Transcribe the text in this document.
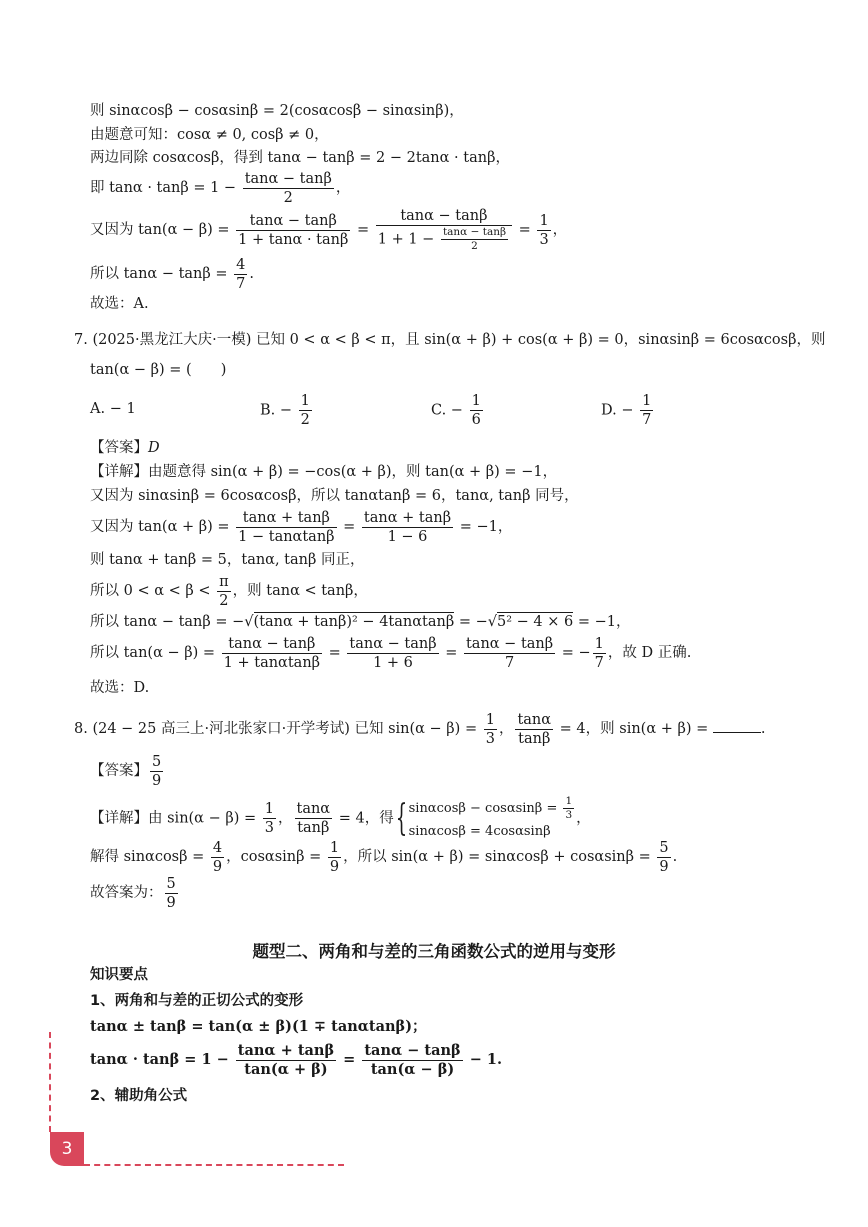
则 sinαcosβ − cosαsinβ = 2(cosαcosβ − sinαsinβ)，
由题意可知：cosα ≠ 0, cosβ ≠ 0，
两边同除 cosαcosβ，得到 tanα − tanβ = 2 − 2tanα · tanβ，
即 $\tan\alpha \cdot \tan\beta = 1 - \frac{\tan\alpha - \tan\beta}{2}$ ，
又因为 $\tan(\alpha - \beta) = \frac{\tan\alpha - \tan\beta}{1 + \tan\alpha \cdot \tan\beta} = \frac{\tan\alpha - \tan\beta}{1 + 1 - \frac{\tan\alpha - \tan\beta}{2}} = \frac{1}{3}$ ，
所以 $\tan\alpha - \tan\beta = \frac{4}{7}$ .
故选：A.
7. (2025·黑龙江大庆·一模) 已知 0 < α < β < π，且 sin(α + β) + cos(α + β) = 0，sinαsinβ = 6cosαcosβ，则
tan(α − β) = (　　)
A. − 1	B. − $\frac{1}{2}$	C. − $\frac{1}{6}$	D. − $\frac{1}{7}$
【答案】D
【详解】由题意得 sin(α + β) = −cos(α + β)，则 tan(α + β) = −1，
又因为 sinαsinβ = 6cosαcosβ，所以 tanαtanβ = 6，tanα, tanβ 同号，
又因为 $\tan(\alpha + \beta) = \frac{\tan\alpha + \tan\beta}{1 - \tan\alpha\tan\beta} = \frac{\tan\alpha + \tan\beta}{1 - 6} = -1$，
则 tanα + tanβ = 5，tanα, tanβ 同正，
所以 $0 < \alpha < \beta < \frac{\pi}{2}$ ，则 tanα < tanβ，
所以 tanα − tanβ = −√(tanα + tanβ)² − 4tanαtanβ = −√5² − 4 × 6 = −1，
所以 $\tan(\alpha - \beta) = \frac{\tan\alpha - \tan\beta}{1 + \tan\alpha\tan\beta} = \frac{\tan\alpha - \tan\beta}{1 + 6} = \frac{\tan\alpha - \tan\beta}{7}$ = − $\frac{1}{7}$ ，故 D 正确.
故选：D.
8. (24 − 25 高三上·河北张家口·开学考试) 已知 $\sin(\alpha - \beta) = \frac{1}{3}$ ， $\frac{\tan\alpha}{\tan\beta} = 4$，则 sin(α + β) =	.
【答案】 $\frac{5}{9}$
【详解】由 $\sin(\alpha - \beta) = \frac{1}{3}$ ， $\frac{\tan\alpha}{\tan\beta} = 4$，得{ $\sin\alpha\cos\beta - \cos\alpha\sin\beta = \frac{1}{3}$
sinαcosβ = 4cosαsinβ
，
解得 $\sin\alpha\cos\beta = \frac{4}{9}$ ，$\cos\alpha\sin\beta = \frac{1}{9}$ ，所以 $\sin(\alpha + \beta) = \sin\alpha\cos\beta + \cos\alpha\sin\beta = \frac{5}{9}$ .
故答案为： $\frac{5}{9}$
题型二、两角和与差的三角函数公式的逆用与变形
知识要点
1、两角和与差的正切公式的变形
tanα ± tanβ = tan(α ± β)(1 ∓ tanαtanβ)；
$\tan\alpha \cdot \tan\beta = 1 - \frac{\tan\alpha + \tan\beta}{\tan(\alpha + \beta)} = \frac{\tan\alpha - \tan\beta}{\tan(\alpha - \beta)} - 1$.
2、辅助角公式
3
